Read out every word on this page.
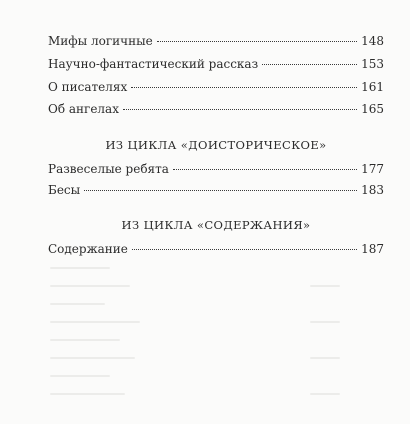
Мифы логичные	148
Научно-фантастический рассказ	153
О писателях	161
Об ангелах	165
ИЗ ЦИКЛА «ДОИСТОРИЧЕСКОЕ»
Развеселые ребята	177
Бесы	183
ИЗ ЦИКЛА «СОДЕРЖАНИЯ»
Содержание	187
